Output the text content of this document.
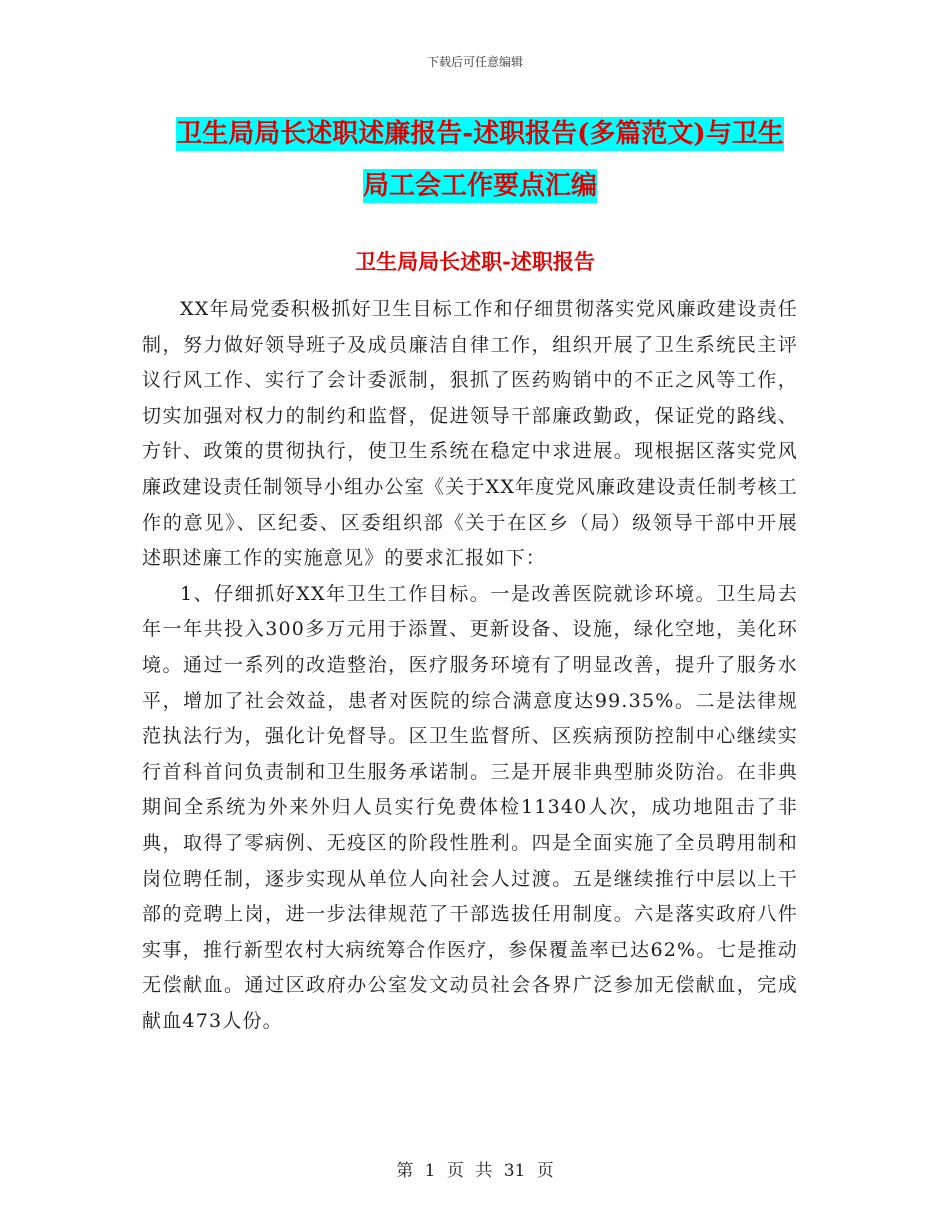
下载后可任意编辑
卫生局局长述职述廉报告-述职报告(多篇范文)与卫生
局工会工作要点汇编
卫生局局长述职-述职报告

XX年局党委积极抓好卫生目标工作和仔细贯彻落实党风廉政建设责任制，努力做好领导班子及成员廉洁自律工作，组织开展了卫生系统民主评议行风工作、实行了会计委派制，狠抓了医药购销中的不正之风等工作，切实加强对权力的制约和监督，促进领导干部廉政勤政，保证党的路线、方针、政策的贯彻执行，使卫生系统在稳定中求进展。现根据区落实党风廉政建设责任制领导小组办公室《关于XX年度党风廉政建设责任制考核工作的意见》、区纪委、区委组织部《关于在区乡（局）级领导干部中开展述职述廉工作的实施意见》的要求汇报如下：

1、仔细抓好XX年卫生工作目标。一是改善医院就诊环境。卫生局去年一年共投入300多万元用于添置、更新设备、设施，绿化空地，美化环境。通过一系列的改造整治，医疗服务环境有了明显改善，提升了服务水平，增加了社会效益，患者对医院的综合满意度达99.35%。二是法律规范执法行为，强化计免督导。区卫生监督所、区疾病预防控制中心继续实行首科首问负责制和卫生服务承诺制。三是开展非典型肺炎防治。在非典期间全系统为外来外归人员实行免费体检11340人次，成功地阻击了非典，取得了零病例、无疫区的阶段性胜利。四是全面实施了全员聘用制和岗位聘任制，逐步实现从单位人向社会人过渡。五是继续推行中层以上干部的竞聘上岗，进一步法律规范了干部选拔任用制度。六是落实政府八件实事，推行新型农村大病统筹合作医疗，参保覆盖率已达62%。七是推动无偿献血。通过区政府办公室发文动员社会各界广泛参加无偿献血，完成献血473人份。

第 1 页 共 31 页
